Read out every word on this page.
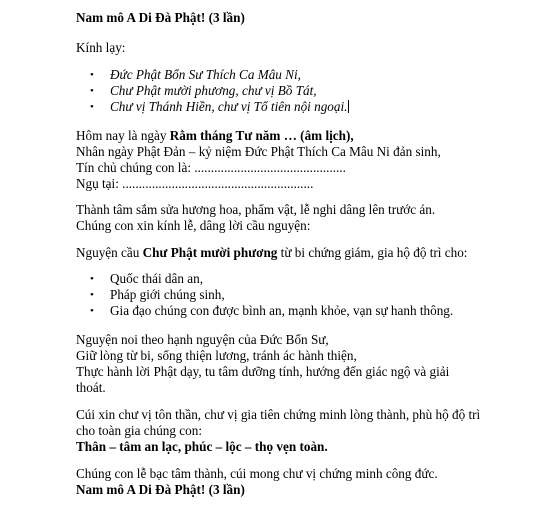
Nam mô A Di Đà Phật! (3 lần)
Kính lạy:
• Đức Phật Bổn Sư Thích Ca Mâu Ni,
• Chư Phật mười phương, chư vị Bồ Tát,
• Chư vị Thánh Hiền, chư vị Tổ tiên nội ngoại.
Hôm nay là ngày Rằm tháng Tư năm … (âm lịch),
Nhân ngày Phật Đản – kỷ niệm Đức Phật Thích Ca Mâu Ni đản sinh,
Tín chủ chúng con là: ..............................................
Ngụ tại: ..........................................................
Thành tâm sắm sửa hương hoa, phẩm vật, lễ nghi dâng lên trước án.
Chúng con xin kính lễ, dâng lời cầu nguyện:
Nguyện cầu Chư Phật mười phương từ bi chứng giám, gia hộ độ trì cho:
• Quốc thái dân an,
• Pháp giới chúng sinh,
• Gia đạo chúng con được bình an, mạnh khỏe, vạn sự hanh thông.
Nguyện noi theo hạnh nguyện của Đức Bổn Sư,
Giữ lòng từ bi, sống thiện lương, tránh ác hành thiện,
Thực hành lời Phật dạy, tu tâm dưỡng tính, hướng đến giác ngộ và giải
thoát.
Cúi xin chư vị tôn thần, chư vị gia tiên chứng minh lòng thành, phù hộ độ trì
cho toàn gia chúng con:
Thân – tâm an lạc, phúc – lộc – thọ vẹn toàn.
Chúng con lễ bạc tâm thành, cúi mong chư vị chứng minh công đức.
Nam mô A Di Đà Phật! (3 lần)
